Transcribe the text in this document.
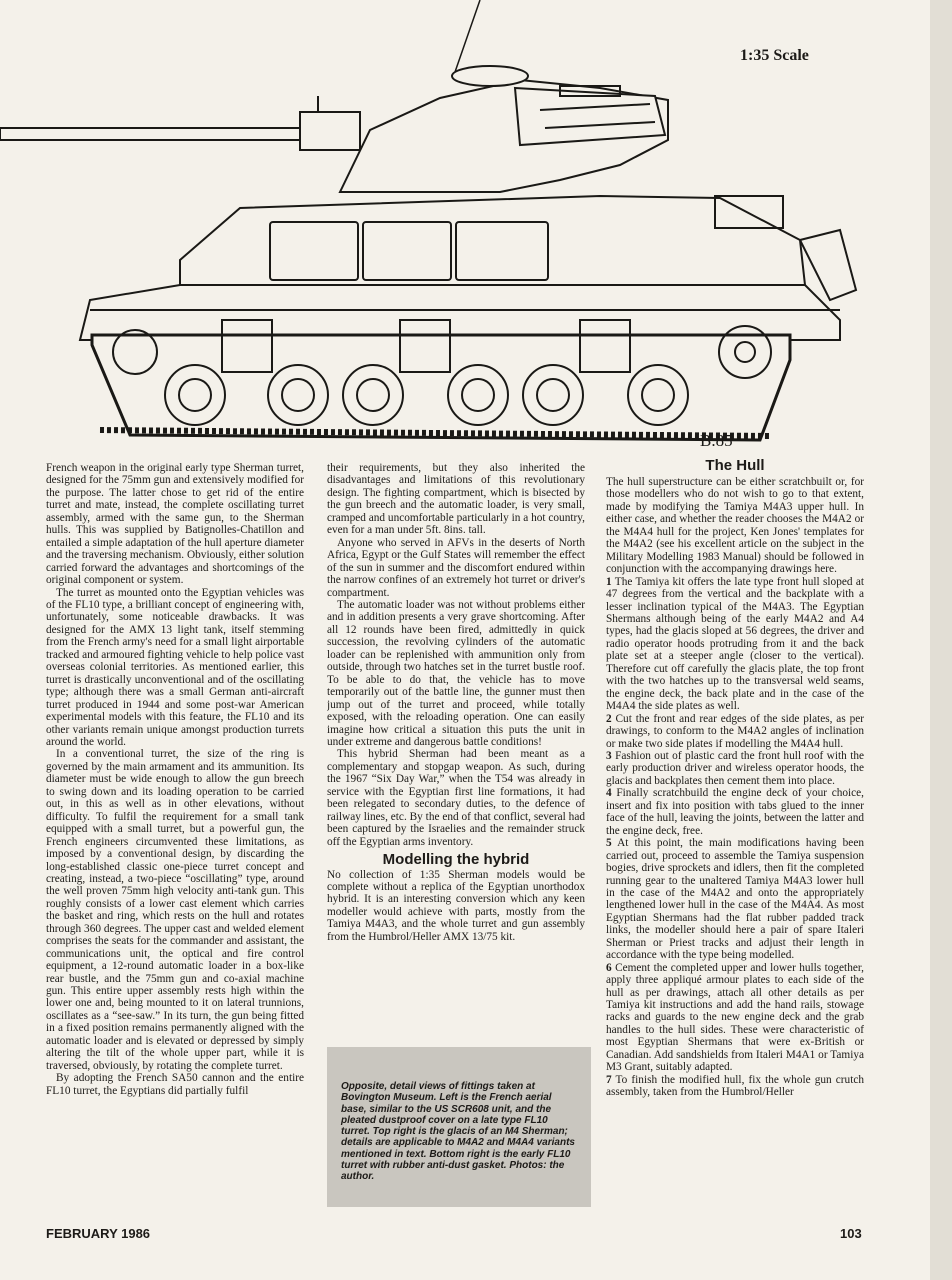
B.85
1:35 Scale

French weapon in the original early type Sherman turret, designed for the 75mm gun and extensively modified for the purpose. The latter chose to get rid of the entire turret and mate, instead, the complete oscillating turret assembly, armed with the same gun, to the Sherman hulls. This was supplied by Batignolles-Chatillon and entailed a simple adaptation of the hull aperture diameter and the traversing mechanism. Obviously, either solution carried forward the advantages and shortcomings of the original component or system.

The turret as mounted onto the Egyptian vehicles was of the FL10 type, a brilliant concept of engineering with, unfortunately, some noticeable drawbacks. It was designed for the AMX 13 light tank, itself stemming from the French army's need for a small light airportable tracked and armoured fighting vehicle to help police vast overseas colonial territories. As mentioned earlier, this turret is drastically unconventional and of the oscillating type; although there was a small German anti-aircraft turret produced in 1944 and some post-war American experimental models with this feature, the FL10 and its other variants remain unique amongst production turrets around the world.

In a conventional turret, the size of the ring is governed by the main armament and its ammunition. Its diameter must be wide enough to allow the gun breech to swing down and its loading operation to be carried out, in this as well as in other elevations, without difficulty. To fulfil the requirement for a small tank equipped with a small turret, but a powerful gun, the French engineers circumvented these limitations, as imposed by a conventional design, by discarding the long-established classic one-piece turret concept and creating, instead, a two-piece “oscillating” type, around the well proven 75mm high velocity anti-tank gun. This roughly consists of a lower cast element which carries the basket and ring, which rests on the hull and rotates through 360 degrees. The upper cast and welded element comprises the seats for the commander and assistant, the communications unit, the optical and fire control equipment, a 12-round automatic loader in a box-like rear bustle, and the 75mm gun and co-axial machine gun. This entire upper assembly rests high within the lower one and, being mounted to it on lateral trunnions, oscillates as a “see-saw.” In its turn, the gun being fitted in a fixed position remains permanently aligned with the automatic loader and is elevated or depressed by simply altering the tilt of the whole upper part, while it is traversed, obviously, by rotating the complete turret.

By adopting the French SA50 cannon and the entire FL10 turret, the Egyptians did partially fulfil

their requirements, but they also inherited the disadvantages and limitations of this revolutionary design. The fighting compartment, which is bisected by the gun breech and the automatic loader, is very small, cramped and uncomfortable particularly in a hot country, even for a man under 5ft. 8ins. tall.

Anyone who served in AFVs in the deserts of North Africa, Egypt or the Gulf States will remember the effect of the sun in summer and the discomfort endured within the narrow confines of an extremely hot turret or driver's compartment.

The automatic loader was not without problems either and in addition presents a very grave shortcoming. After all 12 rounds have been fired, admittedly in quick succession, the revolving cylinders of the automatic loader can be replenished with ammunition only from outside, through two hatches set in the turret bustle roof. To be able to do that, the vehicle has to move temporarily out of the battle line, the gunner must then jump out of the turret and proceed, while totally exposed, with the reloading operation. One can easily imagine how critical a situation this puts the unit in under extreme and dangerous battle conditions!

This hybrid Sherman had been meant as a complementary and stopgap weapon. As such, during the 1967 “Six Day War,” when the T54 was already in service with the Egyptian first line formations, it had been relegated to secondary duties, to the defence of railway lines, etc. By the end of that conflict, several had been captured by the Israelies and the remainder struck off the Egyptian arms inventory.

Modelling the hybrid

No collection of 1:35 Sherman models would be complete without a replica of the Egyptian unorthodox hybrid. It is an interesting conversion which any keen modeller would achieve with parts, mostly from the Tamiya M4A3, and the whole turret and gun assembly from the Humbrol/Heller AMX 13/75 kit.

Opposite, detail views of fittings taken at Bovington Museum. Left is the French aerial base, similar to the US SCR608 unit, and the pleated dustproof cover on a late type FL10 turret. Top right is the glacis of an M4 Sherman; details are applicable to M4A2 and M4A4 variants mentioned in text. Bottom right is the early FL10 turret with rubber anti-dust gasket. Photos: the author.
The Hull

The hull superstructure can be either scratchbuilt or, for those modellers who do not wish to go to that extent, made by modifying the Tamiya M4A3 upper hull. In either case, and whether the reader chooses the M4A2 or the M4A4 hull for the project, Ken Jones' templates for the M4A2 (see his excellent article on the subject in the Military Modelling 1983 Manual) should be followed in conjunction with the accompanying drawings here.

1 The Tamiya kit offers the late type front hull sloped at 47 degrees from the vertical and the backplate with a lesser inclination typical of the M4A3. The Egyptian Shermans although being of the early M4A2 and A4 types, had the glacis sloped at 56 degrees, the driver and radio operator hoods protruding from it and the back plate set at a steeper angle (closer to the vertical). Therefore cut off carefully the glacis plate, the top front with the two hatches up to the transversal weld seams, the engine deck, the back plate and in the case of the M4A4 the side plates as well.

2 Cut the front and rear edges of the side plates, as per drawings, to conform to the M4A2 angles of inclination or make two side plates if modelling the M4A4 hull.

3 Fashion out of plastic card the front hull roof with the early production driver and wireless operator hoods, the glacis and backplates then cement them into place.

4 Finally scratchbuild the engine deck of your choice, insert and fix into position with tabs glued to the inner face of the hull, leaving the joints, between the latter and the engine deck, free.

5 At this point, the main modifications having been carried out, proceed to assemble the Tamiya suspension bogies, drive sprockets and idlers, then fit the completed running gear to the unaltered Tamiya M4A3 lower hull in the case of the M4A2 and onto the appropriately lengthened lower hull in the case of the M4A4. As most Egyptian Shermans had the flat rubber padded track links, the modeller should here a pair of spare Italeri Sherman or Priest tracks and adjust their length in accordance with the type being modelled.

6 Cement the completed upper and lower hulls together, apply three appliqué armour plates to each side of the hull as per drawings, attach all other details as per Tamiya kit instructions and add the hand rails, stowage racks and guards to the new engine deck and the grab handles to the hull sides. These were characteristic of most Egyptian Shermans that were ex-British or Canadian. Add sandshields from Italeri M4A1 or Tamiya M3 Grant, suitably adapted.

7 To finish the modified hull, fix the whole gun crutch assembly, taken from the Humbrol/Heller

FEBRUARY 1986	103
